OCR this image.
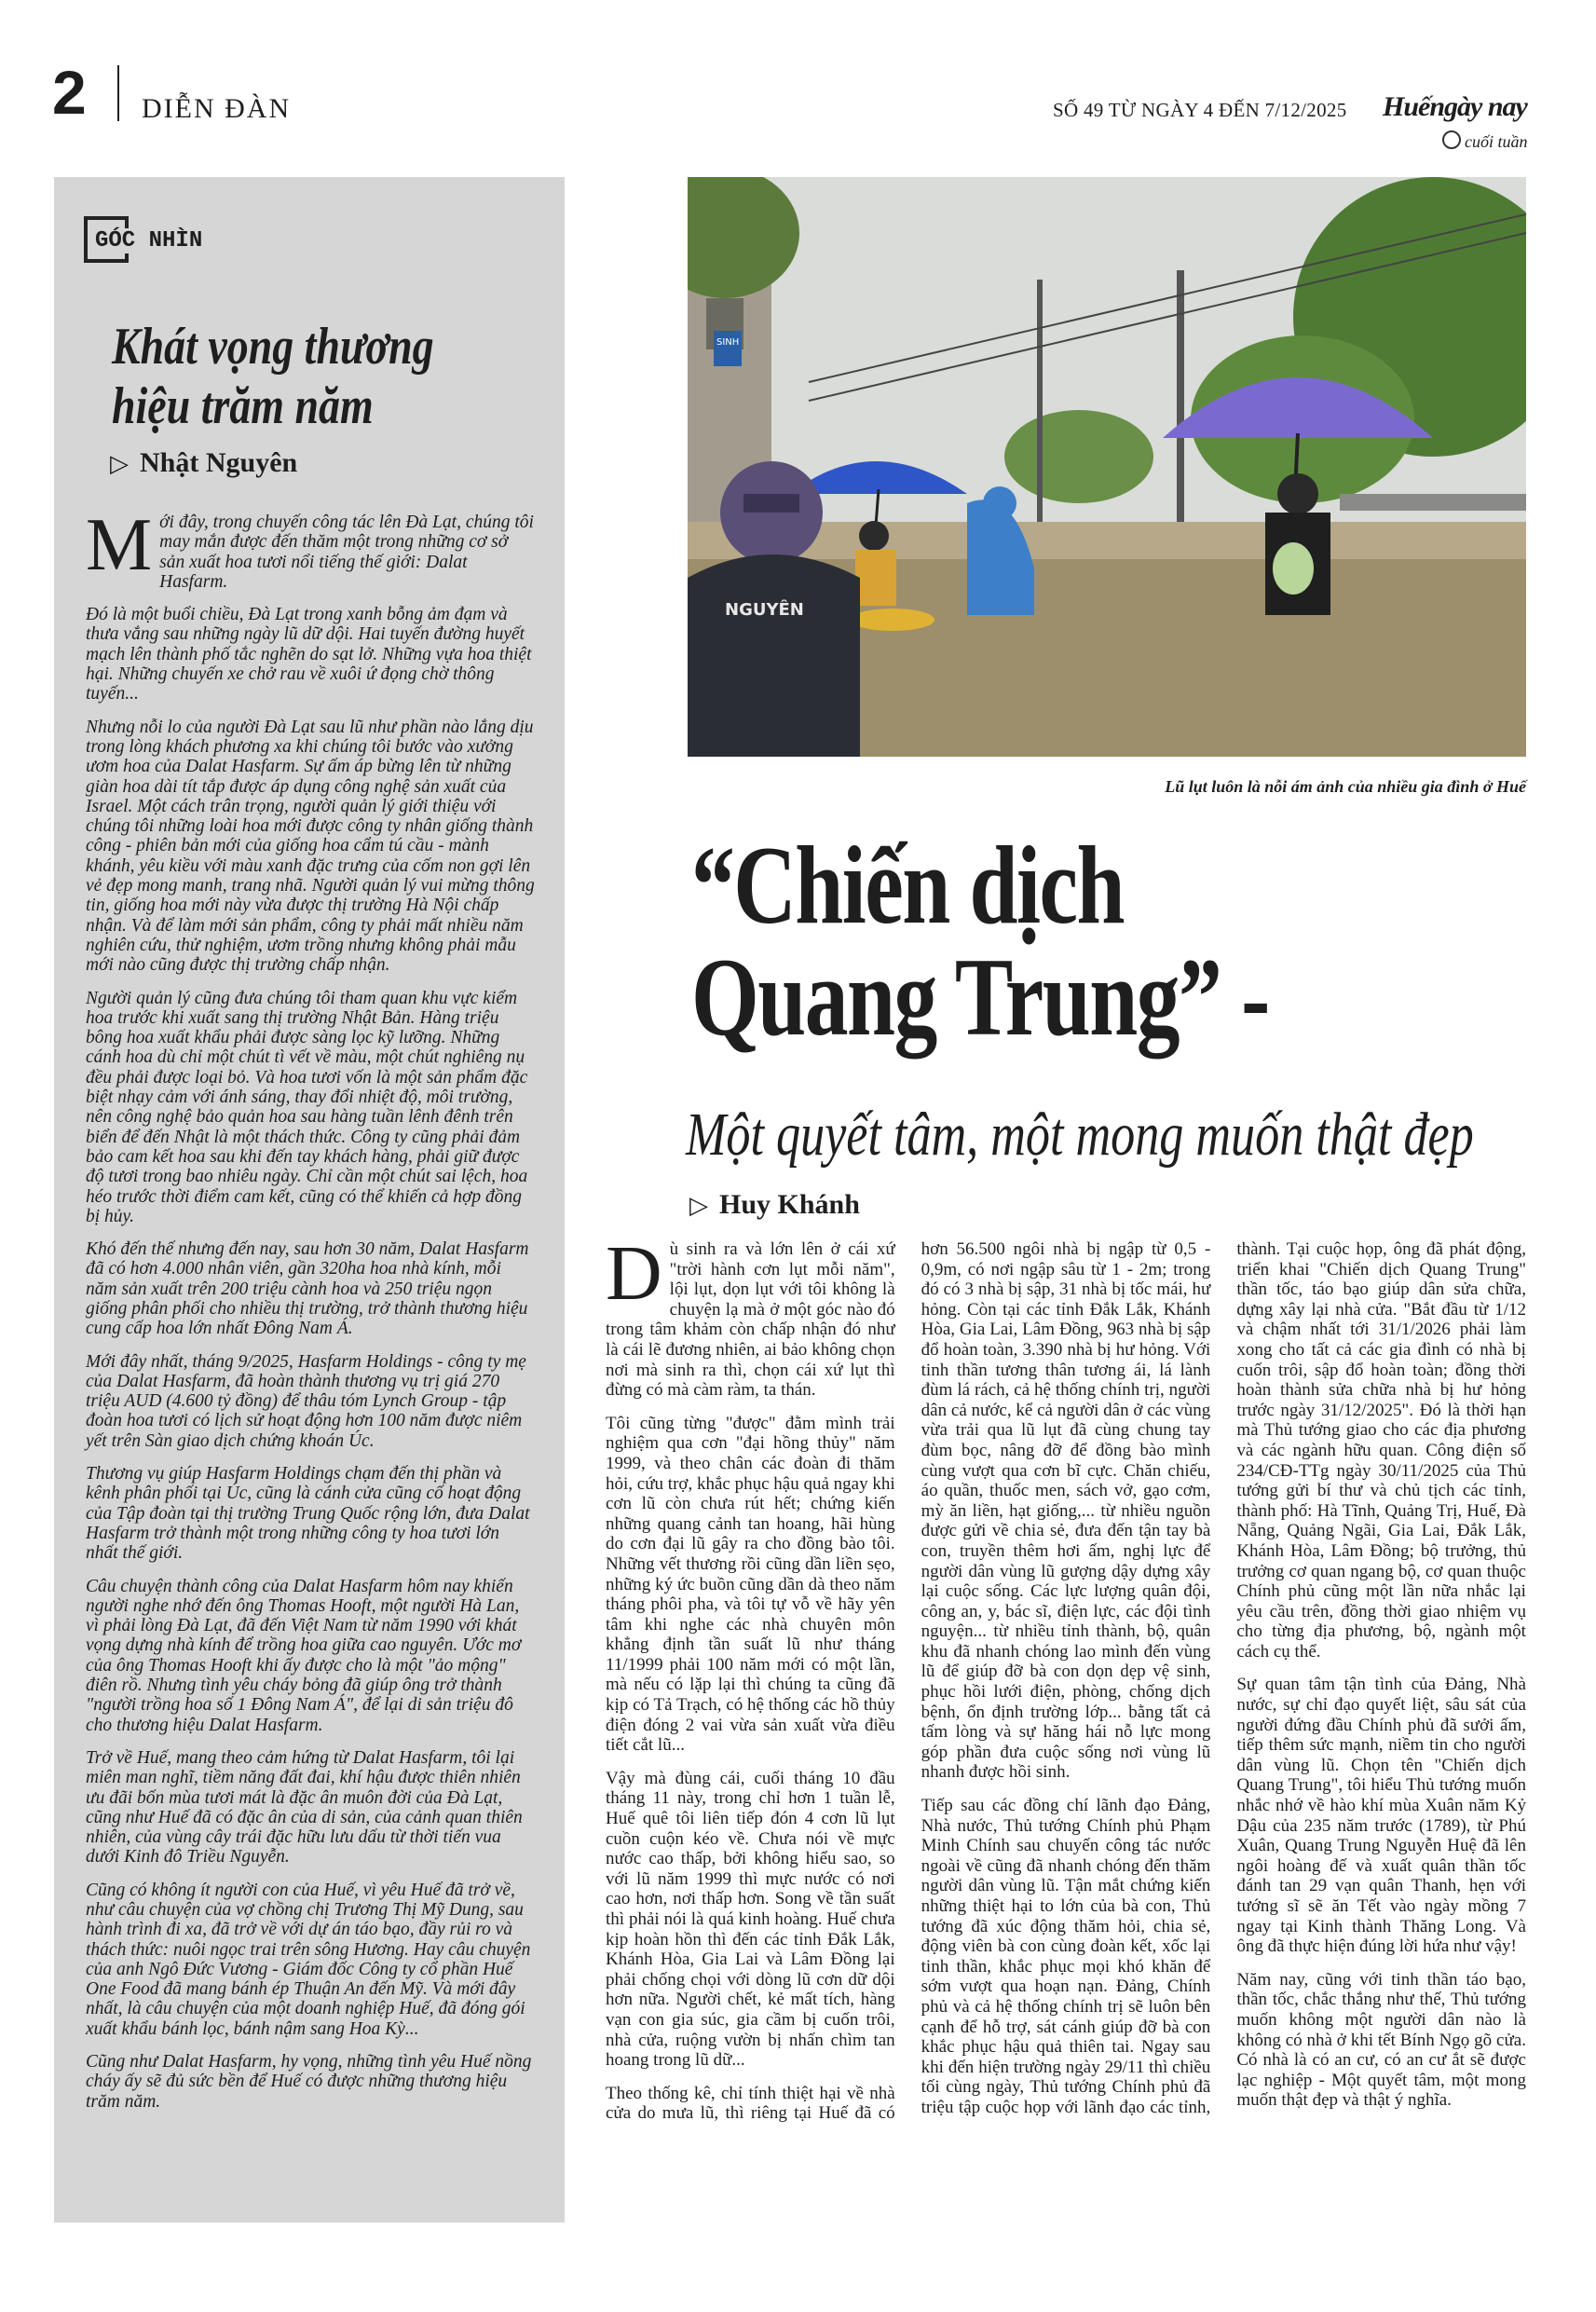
2 DIỄN ĐÀN	SỐ 49 TỪ NGÀY 4 ĐẾN 7/12/2025 Huếngày nay
cuối tuần
GÓC NHÌN
Khát vọng thương hiệu trăm năm
▷ Nhật Nguyên

Mới đây, trong chuyến công tác lên Đà Lạt, chúng tôi may mắn được đến thăm một trong những cơ sở sản xuất hoa tươi nổi tiếng thế giới: Dalat Hasfarm.

Đó là một buổi chiều, Đà Lạt trong xanh bỗng ảm đạm và thưa vắng sau những ngày lũ dữ dội. Hai tuyến đường huyết mạch lên thành phố tắc nghẽn do sạt lở. Những vựa hoa thiệt hại. Những chuyến xe chở rau về xuôi ứ đọng chờ thông tuyến...

Nhưng nỗi lo của người Đà Lạt sau lũ như phần nào lắng dịu trong lòng khách phương xa khi chúng tôi bước vào xưởng ươm hoa của Dalat Hasfarm. Sự ấm áp bừng lên từ những giàn hoa dài tít tắp được áp dụng công nghệ sản xuất của Israel. Một cách trân trọng, người quản lý giới thiệu với chúng tôi những loài hoa mới được công ty nhân giống thành công - phiên bản mới của giống hoa cẩm tú cầu - mành khánh, yêu kiều với màu xanh đặc trưng của cốm non gợi lên vẻ đẹp mong manh, trang nhã. Người quản lý vui mừng thông tin, giống hoa mới này vừa được thị trường Hà Nội chấp nhận. Và để làm mới sản phẩm, công ty phải mất nhiều năm nghiên cứu, thử nghiệm, ươm trồng nhưng không phải mẫu mới nào cũng được thị trường chấp nhận.

Người quản lý cũng đưa chúng tôi tham quan khu vực kiểm hoa trước khi xuất sang thị trường Nhật Bản. Hàng triệu bông hoa xuất khẩu phải được sàng lọc kỹ lưỡng. Những cánh hoa dù chỉ một chút tì vết về màu, một chút nghiêng nụ đều phải được loại bỏ. Và hoa tươi vốn là một sản phẩm đặc biệt nhạy cảm với ánh sáng, thay đổi nhiệt độ, môi trường, nên công nghệ bảo quản hoa sau hàng tuần lênh đênh trên biển để đến Nhật là một thách thức. Công ty cũng phải đảm bảo cam kết hoa sau khi đến tay khách hàng, phải giữ được độ tươi trong bao nhiêu ngày. Chỉ cần một chút sai lệch, hoa héo trước thời điểm cam kết, cũng có thể khiến cả hợp đồng bị hủy.

Khó đến thế nhưng đến nay, sau hơn 30 năm, Dalat Hasfarm đã có hơn 4.000 nhân viên, gần 320ha hoa nhà kính, mỗi năm sản xuất trên 200 triệu cành hoa và 250 triệu ngọn giống phân phối cho nhiều thị trường, trở thành thương hiệu cung cấp hoa lớn nhất Đông Nam Á.

Mới đây nhất, tháng 9/2025, Hasfarm Holdings - công ty mẹ của Dalat Hasfarm, đã hoàn thành thương vụ trị giá 270 triệu AUD (4.600 tỷ đồng) để thâu tóm Lynch Group - tập đoàn hoa tươi có lịch sử hoạt động hơn 100 năm được niêm yết trên Sàn giao dịch chứng khoán Úc.

Thương vụ giúp Hasfarm Holdings chạm đến thị phần và kênh phân phối tại Úc, cũng là cánh cửa cũng cố hoạt động của Tập đoàn tại thị trường Trung Quốc rộng lớn, đưa Dalat Hasfarm trở thành một trong những công ty hoa tươi lớn nhất thế giới.

Câu chuyện thành công của Dalat Hasfarm hôm nay khiến người nghe nhớ đến ông Thomas Hooft, một người Hà Lan, vì phải lòng Đà Lạt, đã đến Việt Nam từ năm 1990 với khát vọng dựng nhà kính để trồng hoa giữa cao nguyên. Ước mơ của ông Thomas Hooft khi ấy được cho là một "ảo mộng" điên rồ. Nhưng tình yêu cháy bỏng đã giúp ông trở thành "người trồng hoa số 1 Đông Nam Á", để lại di sản triệu đô cho thương hiệu Dalat Hasfarm.

Trở về Huế, mang theo cảm hứng từ Dalat Hasfarm, tôi lại miên man nghĩ, tiềm năng đất đai, khí hậu được thiên nhiên ưu đãi bốn mùa tươi mát là đặc ân muôn đời của Đà Lạt, cũng như Huế đã có đặc ân của di sản, của cảnh quan thiên nhiên, của vùng cây trái đặc hữu lưu dấu từ thời tiến vua dưới Kinh đô Triều Nguyễn.

Cũng có không ít người con của Huế, vì yêu Huế đã trở về, như câu chuyện của vợ chồng chị Trương Thị Mỹ Dung, sau hành trình đi xa, đã trở về với dự án táo bạo, đầy rủi ro và thách thức: nuôi ngọc trai trên sông Hương. Hay câu chuyện của anh Ngô Đức Vương - Giám đốc Công ty cổ phần Huế One Food đã mang bánh ép Thuận An đến Mỹ. Và mới đây nhất, là câu chuyện của một doanh nghiệp Huế, đã đóng gói xuất khẩu bánh lọc, bánh nậm sang Hoa Kỳ...

Cũng như Dalat Hasfarm, hy vọng, những tình yêu Huế nồng cháy ấy sẽ đủ sức bền để Huế có được những thương hiệu trăm năm.

SINH
NGUYÊN
Lũ lụt luôn là nỗi ám ảnh của nhiều gia đình ở Huế
“Chiến dịch Quang Trung” -
Một quyết tâm, một mong muốn thật đẹp
▷ Huy Khánh

Dù sinh ra và lớn lên ở cái xứ "trời hành cơn lụt mỗi năm", lội lụt, dọn lụt với tôi không là chuyện lạ mà ở một góc nào đó trong tâm khảm còn chấp nhận đó như là cái lẽ đương nhiên, ai bảo không chọn nơi mà sinh ra thì, chọn cái xứ lụt thì đừng có mà càm ràm, ta thán.

Tôi cũng từng "được" đằm mình trải nghiệm qua cơn "đại hồng thủy" năm 1999, và theo chân các đoàn đi thăm hỏi, cứu trợ, khắc phục hậu quả ngay khi cơn lũ còn chưa rút hết; chứng kiến những quang cảnh tan hoang, hãi hùng do cơn đại lũ gây ra cho đồng bào tôi. Những vết thương rồi cũng dần liền sẹo, những ký ức buồn cũng dần dà theo năm tháng phôi pha, và tôi tự vỗ về hãy yên tâm khi nghe các nhà chuyên môn khẳng định tần suất lũ như tháng 11/1999 phải 100 năm mới có một lần, mà nếu có lặp lại thì chúng ta cũng đã kịp có Tả Trạch, có hệ thống các hồ thủy điện đóng 2 vai vừa sản xuất vừa điều tiết cắt lũ...

Vậy mà đùng cái, cuối tháng 10 đầu tháng 11 này, trong chỉ hơn 1 tuần lễ, Huế quê tôi liên tiếp đón 4 cơn lũ lụt cuồn cuộn kéo về. Chưa nói về mực nước cao thấp, bởi không hiểu sao, so với lũ năm 1999 thì mực nước có nơi cao hơn, nơi thấp hơn. Song về tần suất thì phải nói là quá kinh hoàng. Huế chưa kịp hoàn hồn thì đến các tỉnh Đắk Lắk, Khánh Hòa, Gia Lai và Lâm Đồng lại phải chống chọi với dòng lũ cơn dữ dội hơn nữa. Người chết, kẻ mất tích, hàng vạn con gia súc, gia cầm bị cuốn trôi, nhà cửa, ruộng vườn bị nhấn chìm tan hoang trong lũ dữ...

Theo thống kê, chỉ tính thiệt hại về nhà cửa do mưa lũ, thì riêng tại Huế đã có hơn 56.500 ngôi nhà bị ngập từ 0,5 - 0,9m, có nơi ngập sâu từ 1 - 2m; trong đó có 3 nhà bị sập, 31 nhà bị tốc mái, hư hỏng. Còn tại các tỉnh Đắk Lắk, Khánh Hòa, Gia Lai, Lâm Đồng, 963 nhà bị sập đổ hoàn toàn, 3.390 nhà bị hư hỏng. Với tinh thần tương thân tương ái, lá lành đùm lá rách, cả hệ thống chính trị, người dân cả nước, kể cả người dân ở các vùng vừa trải qua lũ lụt đã cùng chung tay đùm bọc, nâng đỡ để đồng bào mình cùng vượt qua cơn bĩ cực. Chăn chiếu, áo quần, thuốc men, sách vở, gạo cơm, mỳ ăn liền, hạt giống,... từ nhiều nguồn được gửi về chia sẻ, đưa đến tận tay bà con, truyền thêm hơi ấm, nghị lực để người dân vùng lũ gượng dậy dựng xây lại cuộc sống. Các lực lượng quân đội, công an, y, bác sĩ, điện lực, các đội tình nguyện... từ nhiều tỉnh thành, bộ, quân khu đã nhanh chóng lao mình đến vùng lũ để giúp đỡ bà con dọn dẹp vệ sinh, phục hồi lưới điện, phòng, chống dịch bệnh, ổn định trường lớp... bằng tất cả tấm lòng và sự hăng hái nỗ lực mong góp phần đưa cuộc sống nơi vùng lũ nhanh được hồi sinh.

Tiếp sau các đồng chí lãnh đạo Đảng, Nhà nước, Thủ tướng Chính phủ Phạm Minh Chính sau chuyến công tác nước ngoài về cũng đã nhanh chóng đến thăm người dân vùng lũ. Tận mắt chứng kiến những thiệt hại to lớn của bà con, Thủ tướng đã xúc động thăm hỏi, chia sẻ, động viên bà con cùng đoàn kết, xốc lại tinh thần, khắc phục mọi khó khăn để sớm vượt qua hoạn nạn. Đảng, Chính phủ và cả hệ thống chính trị sẽ luôn bên cạnh để hỗ trợ, sát cánh giúp đỡ bà con khắc phục hậu quả thiên tai. Ngay sau khi đến hiện trường ngày 29/11 thì chiều tối cùng ngày, Thủ tướng Chính phủ đã triệu tập cuộc họp với lãnh đạo các tỉnh, thành. Tại cuộc họp, ông đã phát động, triển khai "Chiến dịch Quang Trung" thần tốc, táo bạo giúp dân sửa chữa, dựng xây lại nhà cửa. "Bắt đầu từ 1/12 và chậm nhất tới 31/1/2026 phải làm xong cho tất cả các gia đình có nhà bị cuốn trôi, sập đổ hoàn toàn; đồng thời hoàn thành sửa chữa nhà bị hư hỏng trước ngày 31/12/2025". Đó là thời hạn mà Thủ tướng giao cho các địa phương và các ngành hữu quan. Công điện số 234/CĐ-TTg ngày 30/11/2025 của Thủ tướng gửi bí thư và chủ tịch các tỉnh, thành phố: Hà Tĩnh, Quảng Trị, Huế, Đà Nẵng, Quảng Ngãi, Gia Lai, Đắk Lắk, Khánh Hòa, Lâm Đồng; bộ trưởng, thủ trưởng cơ quan ngang bộ, cơ quan thuộc Chính phủ cũng một lần nữa nhắc lại yêu cầu trên, đồng thời giao nhiệm vụ cho từng địa phương, bộ, ngành một cách cụ thể.

Sự quan tâm tận tình của Đảng, Nhà nước, sự chỉ đạo quyết liệt, sâu sát của người đứng đầu Chính phủ đã sưởi ấm, tiếp thêm sức mạnh, niềm tin cho người dân vùng lũ. Chọn tên "Chiến dịch Quang Trung", tôi hiểu Thủ tướng muốn nhắc nhớ về hào khí mùa Xuân năm Kỷ Dậu của 235 năm trước (1789), từ Phú Xuân, Quang Trung Nguyễn Huệ đã lên ngôi hoàng đế và xuất quân thần tốc đánh tan 29 vạn quân Thanh, hẹn với tướng sĩ sẽ ăn Tết vào ngày mồng 7 ngay tại Kinh thành Thăng Long. Và ông đã thực hiện đúng lời hứa như vậy!

Năm nay, cũng với tinh thần táo bạo, thần tốc, chắc thắng như thế, Thủ tướng muốn không một người dân nào là không có nhà ở khi tết Bính Ngọ gõ cửa. Có nhà là có an cư, có an cư ắt sẽ được lạc nghiệp - Một quyết tâm, một mong muốn thật đẹp và thật ý nghĩa.
